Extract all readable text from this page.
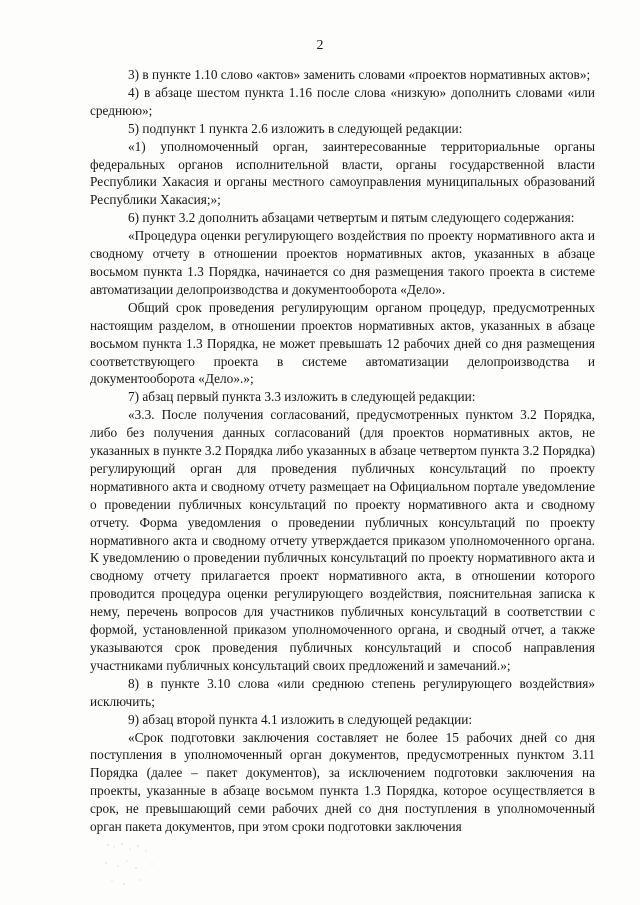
2

3) в пункте 1.10 слово «актов» заменить словами «проектов нормативных актов»;

4) в абзаце шестом пункта 1.16 после слова «низкую» дополнить словами «или среднюю»;

5) подпункт 1 пункта 2.6 изложить в следующей редакции:

«1) уполномоченный орган, заинтересованные территориальные органы федеральных органов исполнительной власти, органы государственной власти Республики Хакасия и органы местного самоуправления муниципальных образований Республики Хакасия;»;

6) пункт 3.2 дополнить абзацами четвертым и пятым следующего содержания:

«Процедура оценки регулирующего воздействия по проекту нормативного акта и сводному отчету в отношении проектов нормативных актов, указанных в абзаце восьмом пункта 1.3 Порядка, начинается со дня размещения такого проекта в системе автоматизации делопроизводства и документооборота «Дело».

Общий срок проведения регулирующим органом процедур, предусмотренных настоящим разделом, в отношении проектов нормативных актов, указанных в абзаце восьмом пункта 1.3 Порядка, не может превышать 12 рабочих дней со дня размещения соответствующего проекта в системе автоматизации делопроизводства и документооборота «Дело».»;

7) абзац первый пункта 3.3 изложить в следующей редакции:

«3.3. После получения согласований, предусмотренных пунктом 3.2 Порядка, либо без получения данных согласований (для проектов нормативных актов, не указанных в пункте 3.2 Порядка либо указанных в абзаце четвертом пункта 3.2 Порядка) регулирующий орган для проведения публичных консультаций по проекту нормативного акта и сводному отчету размещает на Официальном портале уведомление о проведении публичных консультаций по проекту нормативного акта и сводному отчету. Форма уведомления о проведении публичных консультаций по проекту нормативного акта и сводному отчету утверждается приказом уполномоченного органа. К уведомлению о проведении публичных консультаций по проекту нормативного акта и сводному отчету прилагается проект нормативного акта, в отношении которого проводится процедура оценки регулирующего воздействия, пояснительная записка к нему, перечень вопросов для участников публичных консультаций в соответствии с формой, установленной приказом уполномоченного органа, и сводный отчет, а также указываются срок проведения публичных консультаций и способ направления участниками публичных консультаций своих предложений и замечаний.»;

8) в пункте 3.10 слова «или среднюю степень регулирующего воздействия» исключить;

9) абзац второй пункта 4.1 изложить в следующей редакции:

«Срок подготовки заключения составляет не более 15 рабочих дней со дня поступления в уполномоченный орган документов, предусмотренных пунктом 3.11 Порядка (далее – пакет документов), за исключением подготовки заключения на проекты, указанные в абзаце восьмом пункта 1.3 Порядка, которое осуществляется в срок, не превышающий семи рабочих дней со дня поступления в уполномоченный орган пакета документов, при этом сроки подготовки заключения
